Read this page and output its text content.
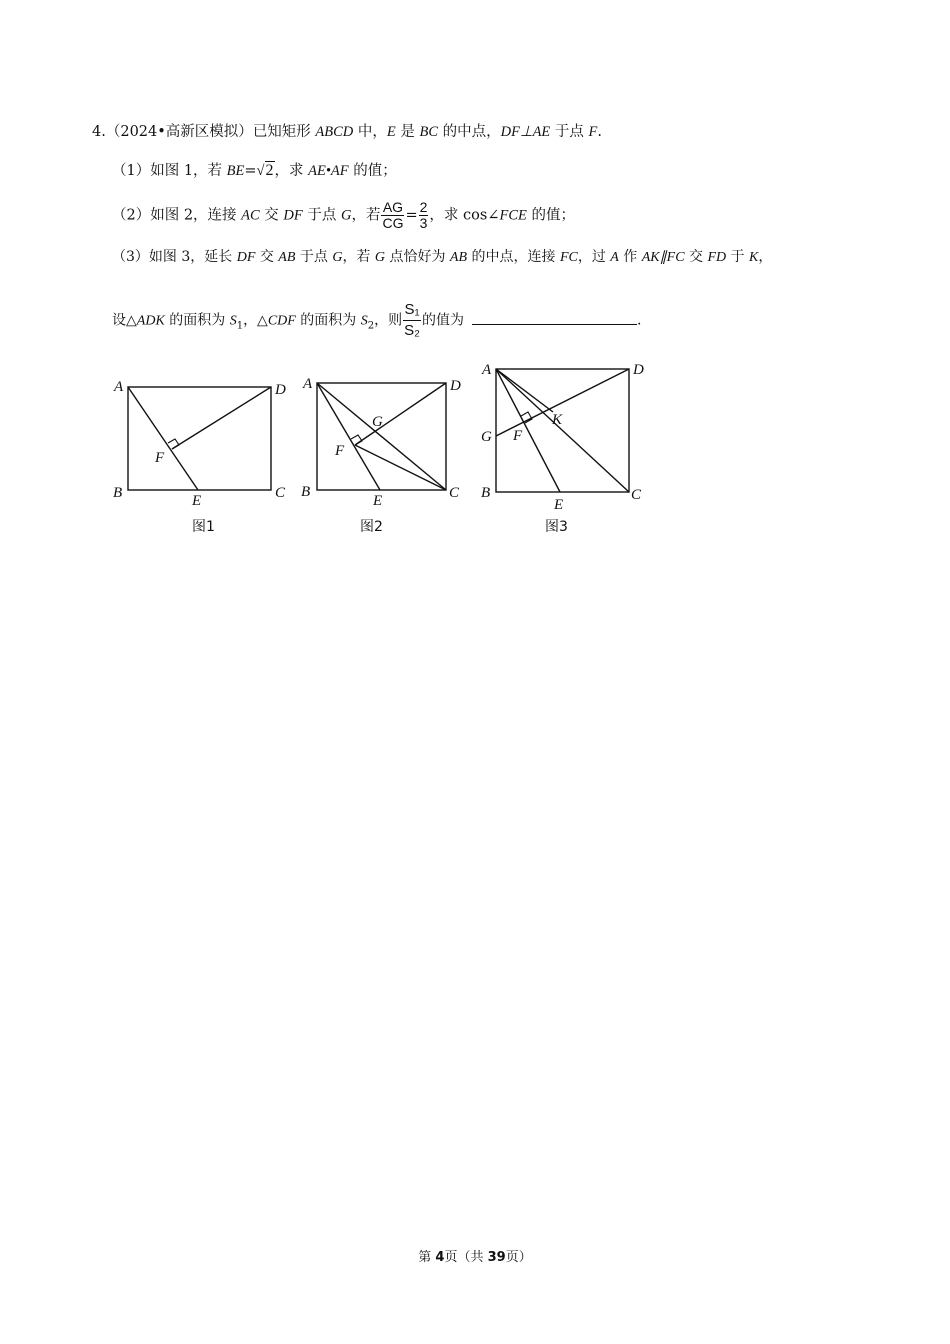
4.（2024•高新区模拟）已知矩形 ABCD 中，E 是 BC 的中点，DF⊥AE 于点 F.
（1）如图 1，若 BE=√2，求 AE•AF 的值；
（2）如图 2，连接 AC 交 DF 于点 G，若 $\frac{AG}{CG} = \frac{2}{3}$ ，求 cos∠FCE 的值；
（3）如图 3，延长 DF 交 AB 于点 G，若 G 点恰好为 AB 的中点，连接 FC，过 A 作 AK∥FC 交 FD 于 K，
设△ADK 的面积为 $S_1$，△CDF 的面积为 $S_2$，则 $\frac{\text{S₁}}{\text{S₂}}$ 的值为	.
A	D
B	C
E
F
A	D
B	C
E
F
G
A	D
B	C
E
F
G
K
图1	图2	图3
第 4页（共 39页）
